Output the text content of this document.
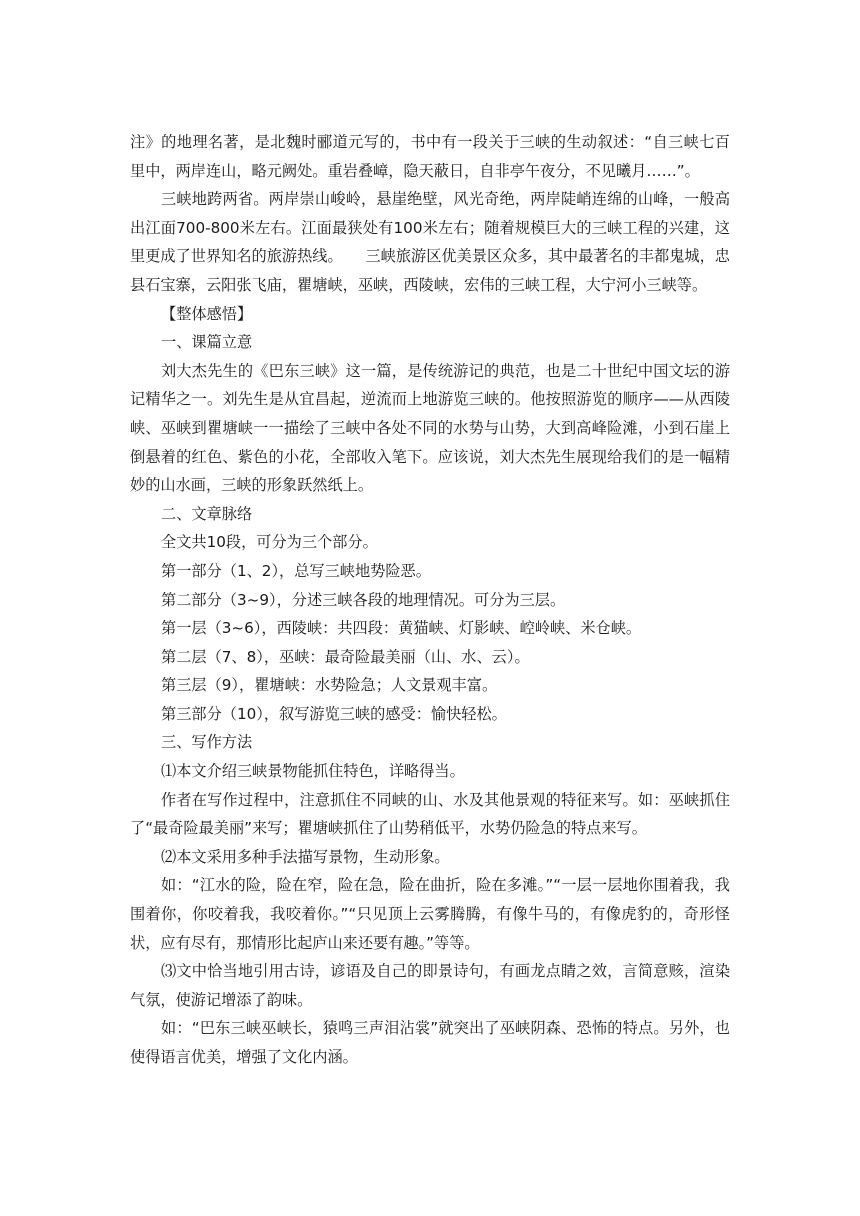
注》的地理名著，是北魏时郦道元写的，书中有一段关于三峡的生动叙述：“自三峡七百里中，两岸连山，略元阙处。重岩叠嶂，隐天蔽日，自非亭午夜分，不见曦月……”。

三峡地跨两省。两岸崇山峻岭，悬崖绝壁，风光奇绝，两岸陡峭连绵的山峰，一般高出江面700-800米左右。江面最狭处有100米左右；随着规模巨大的三峡工程的兴建，这里更成了世界知名的旅游热线。　　三峡旅游区优美景区众多，其中最著名的丰都鬼城，忠县石宝寨，云阳张飞庙，瞿塘峡，巫峡，西陵峡，宏伟的三峡工程，大宁河小三峡等。

【整体感悟】

一、课篇立意

刘大杰先生的《巴东三峡》这一篇，是传统游记的典范，也是二十世纪中国文坛的游记精华之一。刘先生是从宜昌起，逆流而上地游览三峡的。他按照游览的顺序——从西陵峡、巫峡到瞿塘峡一一描绘了三峡中各处不同的水势与山势，大到高峰险滩，小到石崖上倒悬着的红色、紫色的小花，全部收入笔下。应该说，刘大杰先生展现给我们的是一幅精妙的山水画，三峡的形象跃然纸上。

二、文章脉络

全文共10段，可分为三个部分。

第一部分（1、2），总写三峡地势险恶。

第二部分（3~9），分述三峡各段的地理情况。可分为三层。

第一层（3~6），西陵峡：共四段：黄猫峡、灯影峡、崆岭峡、米仓峡。

第二层（7、8），巫峡：最奇险最美丽（山、水、云）。

第三层（9），瞿塘峡：水势险急；人文景观丰富。

第三部分（10），叙写游览三峡的感受：愉快轻松。

三、写作方法

⑴本文介绍三峡景物能抓住特色，详略得当。

作者在写作过程中，注意抓住不同峡的山、水及其他景观的特征来写。如：巫峡抓住了“最奇险最美丽”来写；瞿塘峡抓住了山势稍低平，水势仍险急的特点来写。

⑵本文采用多种手法描写景物，生动形象。

如：“江水的险，险在窄，险在急，险在曲折，险在多滩。”“一层一层地你围着我，我围着你，你咬着我，我咬着你。”“只见顶上云雾腾腾，有像牛马的，有像虎豹的，奇形怪状，应有尽有，那情形比起庐山来还要有趣。”等等。

⑶文中恰当地引用古诗，谚语及自己的即景诗句，有画龙点睛之效，言简意赅，渲染气氛，使游记增添了韵味。

如：“巴东三峡巫峡长，猿鸣三声泪沾裳”就突出了巫峡阴森、恐怖的特点。另外，也使得语言优美，增强了文化内涵。
